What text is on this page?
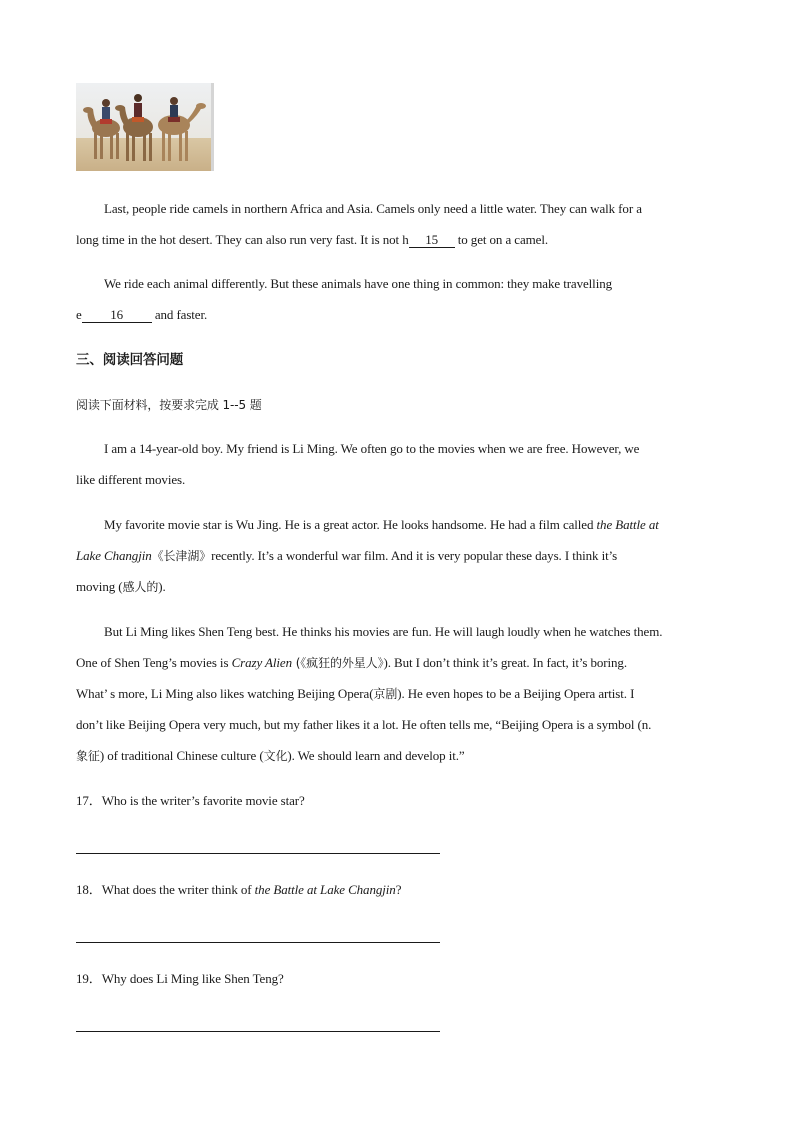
Last, people ride camels in northern Africa and Asia. Camels only need a little water. They can walk for a
long time in the hot desert. They can also run very fast. It is not h 15 to get on a camel.
We ride each animal differently. But these animals have one thing in common: they make travelling
e 16 and faster.
三、阅读回答问题
阅读下面材料，按要求完成 1--5 题
I am a 14-year-old boy. My friend is Li Ming. We often go to the movies when we are free. However, we
like different movies.
My favorite movie star is Wu Jing. He is a great actor. He looks handsome. He had a film called the Battle at
Lake Changjin《长津湖》recently. It’s a wonderful war film. And it is very popular these days. I think it’s
moving (感人的).
But Li Ming likes Shen Teng best. He thinks his movies are fun. He will laugh loudly when he watches them.
One of Shen Teng’s movies is Crazy Alien (《疯狂的外星人》). But I don’t think it’s great. In fact, it’s boring.
What’ s more, Li Ming also likes watching Beijing Opera(京剧). He even hopes to be a Beijing Opera artist. I
don’t like Beijing Opera very much, but my father likes it a lot. He often tells me, “Beijing Opera is a symbol (n.
象征) of traditional Chinese culture (文化). We should learn and develop it.”
17．Who is the writer’s favorite movie star?
18．What does the writer think of the Battle at Lake Changjin?
19．Why does Li Ming like Shen Teng?
